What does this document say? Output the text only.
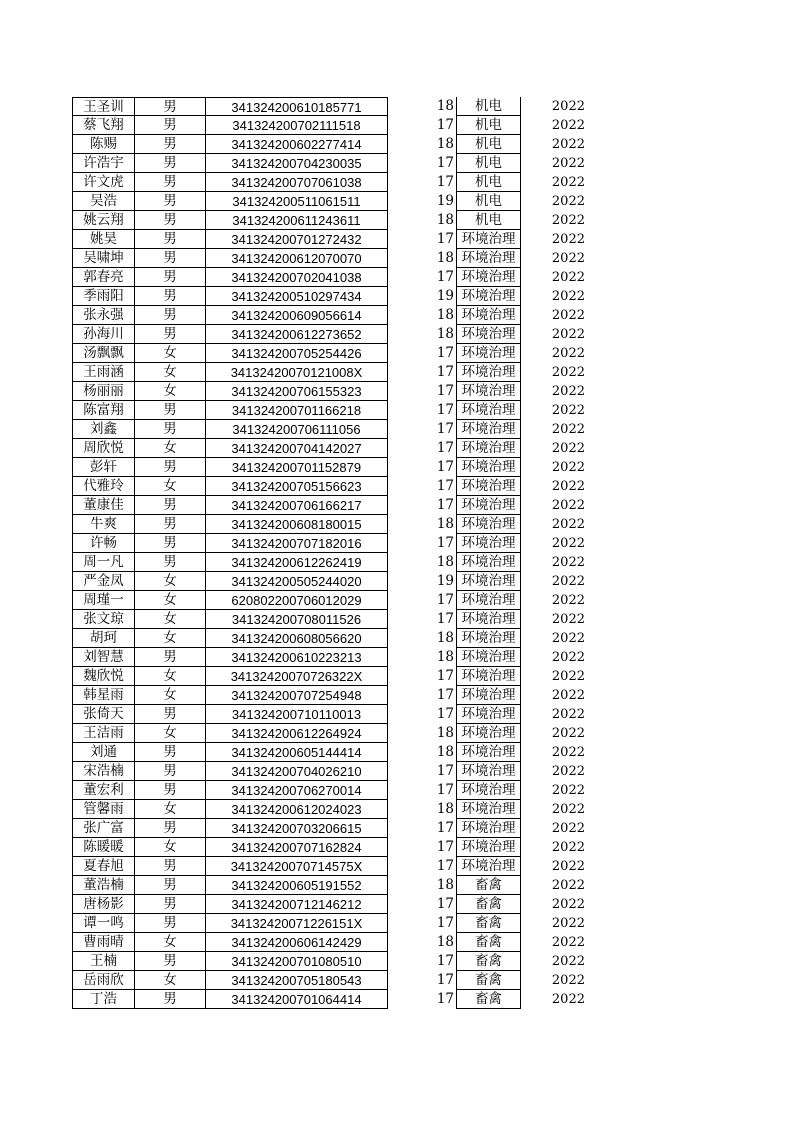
王圣训	男	341324200610185771	18	机电	2022
蔡飞翔	男	341324200702111518	17	机电	2022
陈赐	男	341324200602277414	18	机电	2022
许浩宇	男	341324200704230035	17	机电	2022
许文虎	男	341324200707061038	17	机电	2022
吴浩	男	341324200511061511	19	机电	2022
姚云翔	男	341324200611243611	18	机电	2022
姚昊	男	341324200701272432	17 环境治理	2022
吴啸坤	男	341324200612070070	18 环境治理	2022
郭春亮	男	341324200702041038	17 环境治理	2022
季雨阳	男	341324200510297434	19 环境治理	2022
张永强	男	341324200609056614	18 环境治理	2022
孙海川	男	341324200612273652	18 环境治理	2022
汤飘飘	女	341324200705254426	17 环境治理	2022
王雨涵	女	34132420070121008X	17 环境治理	2022
杨丽丽	女	341324200706155323	17 环境治理	2022
陈富翔	男	341324200701166218	17 环境治理	2022
刘鑫	男	341324200706111056	17 环境治理	2022
周欣悦	女	341324200704142027	17 环境治理	2022
彭轩	男	341324200701152879	17 环境治理	2022
代雅玲	女	341324200705156623	17 环境治理	2022
董康佳	男	341324200706166217	17 环境治理	2022
牛爽	男	341324200608180015	18 环境治理	2022
许畅	男	341324200707182016	17 环境治理	2022
周一凡	男	341324200612262419	18 环境治理	2022
严金凤	女	341324200505244020	19 环境治理	2022
周瑾一	女	620802200706012029	17 环境治理	2022
张文琼	女	341324200708011526	17 环境治理	2022
胡珂	女	341324200608056620	18 环境治理	2022
刘智慧	男	341324200610223213	18 环境治理	2022
魏欣悦	女	34132420070726322X	17 环境治理	2022
韩星雨	女	341324200707254948	17 环境治理	2022
张倚天	男	341324200710110013	17 环境治理	2022
王洁雨	女	341324200612264924	18 环境治理	2022
刘通	男	341324200605144414	18 环境治理	2022
宋浩楠	男	341324200704026210	17 环境治理	2022
董宏利	男	341324200706270014	17 环境治理	2022
管馨雨	女	341324200612024023	18 环境治理	2022
张广富	男	341324200703206615	17 环境治理	2022
陈暖暖	女	341324200707162824	17 环境治理	2022
夏春旭	男	34132420070714575X	17 环境治理	2022
董浩楠	男	341324200605191552	18	畜禽	2022
唐杨影	男	341324200712146212	17	畜禽	2022
谭一鸣	男	34132420071226151X	17	畜禽	2022
曹雨晴	女	341324200606142429	18	畜禽	2022
王楠	男	341324200701080510	17	畜禽	2022
岳雨欣	女	341324200705180543	17	畜禽	2022
丁浩	男	341324200701064414	17	畜禽	2022
